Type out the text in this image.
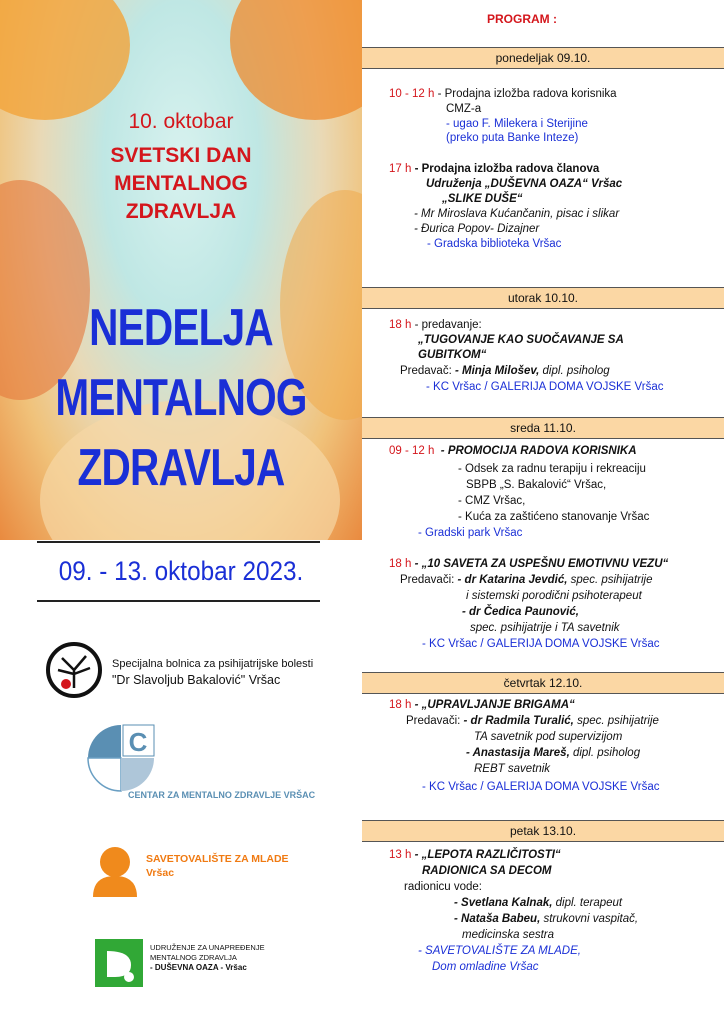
10. oktobar
SVETSKI DAN
MENTALNOG
ZDRAVLJA
NEDELJA
MENTALNOG
ZDRAVLJA
09. - 13. oktobar 2023.
Specijalna bolnica za psihijatrijske bolesti
"Dr Slavoljub Bakalović" Vršac
C
CENTAR ZA MENTALNO ZDRAVLJE VRŠAC
SAVETOVALIŠTE ZA MLADE
Vršac
UDRUŽENJE ZA UNAPREĐENJE
MENTALNOG ZDRAVLJA
- DUŠEVNA OAZA - Vršac
PROGRAM :
ponedeljak 09.10.
10 - 12 h - Prodajna izložba radova korisnika
CMZ-a
- ugao F. Milekera i Sterijine
(preko puta Banke Inteze)
17 h - Prodajna izložba radova članova
Udruženja „DUŠEVNA OAZA“ Vršac
„SLIKE DUŠE“
- Mr Miroslava Kućančanin, pisac i slikar
- Đurica Popov- Dizajner
- Gradska biblioteka Vršac
utorak 10.10.
18 h - predavanje:
„TUGOVANJE KAO SUOČAVANJE SA
GUBITKOM“
Predavač: - Minja Milošev, dipl. psiholog
- KC Vršac / GALERIJA DOMA VOJSKE Vršac
sreda 11.10.
09 - 12 h - PROMOCIJA RADOVA KORISNIKA
- Odsek za radnu terapiju i rekreaciju
SBPB „S. Bakalović“ Vršac,
- CMZ Vršac,
- Kuća za zaštićeno stanovanje Vršac
- Gradski park Vršac
18 h - „10 SAVETA ZA USPEŠNU EMOTIVNU VEZU“
Predavači: - dr Katarina Jevdić, spec. psihijatrije
i sistemski porodični psihoterapeut
- dr Čedica Paunović,
spec. psihijatrije i TA savetnik
- KC Vršac / GALERIJA DOMA VOJSKE Vršac
četvrtak 12.10.
18 h - „UPRAVLJANJE BRIGAMA“
Predavači: - dr Radmila Turalić, spec. psihijatrije
TA savetnik pod supervizijom
- Anastasija Mareš, dipl. psiholog
REBT savetnik
- KC Vršac / GALERIJA DOMA VOJSKE Vršac
petak 13.10.
13 h - „LEPOTA RAZLIČITOSTI“
RADIONICA SA DECOM
radionicu vode:
- Svetlana Kalnak, dipl. terapeut
- Nataša Babeu, strukovni vaspitač,
medicinska sestra
- SAVETOVALIŠTE ZA MLADE,
Dom omladine Vršac
